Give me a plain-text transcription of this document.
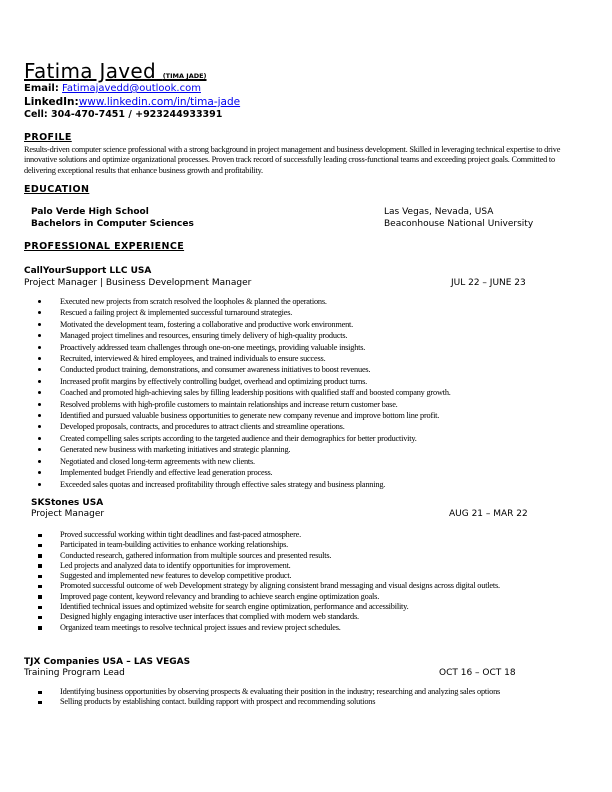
Fatima Javed (TIMA JADE)
Email: Fatimajavedd@outlook.com
LinkedIn:www.linkedin.com/in/tima-jade
Cell: 304-470-7451 / +923244933391
PROFILE
Results-driven computer science professional with a strong background in project management and business development. Skilled in leveraging technical expertise to drive innovative solutions and optimize organizational processes. Proven track record of successfully leading cross-functional teams and exceeding project goals. Committed to delivering exceptional results that enhance business growth and profitability.
EDUCATION
Palo Verde High School	Las Vegas, Nevada, USA
Bachelors in Computer Sciences	Beaconhouse National University
PROFESSIONAL EXPERIENCE
CallYourSupport LLC USA
Project Manager | Business Development Manager	JUL 22 – JUNE 23
Executed new projects from scratch resolved the loopholes & planned the operations.
Rescued a failing project & implemented successful turnaround strategies.
Motivated the development team, fostering a collaborative and productive work environment.
Managed project timelines and resources, ensuring timely delivery of high-quality products.
Proactively addressed team challenges through one-on-one meetings, providing valuable insights.
Recruited, interviewed & hired employees, and trained individuals to ensure success.
Conducted product training, demonstrations, and consumer awareness initiatives to boost revenues.
Increased profit margins by effectively controlling budget, overhead and optimizing product turns.
Coached and promoted high-achieving sales by filling leadership positions with qualified staff and boosted company growth.
Resolved problems with high-profile customers to maintain relationships and increase return customer base.
Identified and pursued valuable business opportunities to generate new company revenue and improve bottom line profit.
Developed proposals, contracts, and procedures to attract clients and streamline operations.
Created compelling sales scripts according to the targeted audience and their demographics for better productivity.
Generated new business with marketing initiatives and strategic planning.
Negotiated and closed long-term agreements with new clients.
Implemented budget Friendly and effective lead generation process.
Exceeded sales quotas and increased profitability through effective sales strategy and business planning.
SKStones USA
Project Manager	AUG 21 – MAR 22
Proved successful working within tight deadlines and fast-paced atmosphere.
Participated in team-building activities to enhance working relationships.
Conducted research, gathered information from multiple sources and presented results.
Led projects and analyzed data to identify opportunities for improvement.
Suggested and implemented new features to develop competitive product.
Promoted successful outcome of web Development strategy by aligning consistent brand messaging and visual designs across digital outlets.
Improved page content, keyword relevancy and branding to achieve search engine optimization goals.
Identified technical issues and optimized website for search engine optimization, performance and accessibility.
Designed highly engaging interactive user interfaces that complied with modern web standards.
Organized team meetings to resolve technical project issues and review project schedules.
TJX Companies USA – LAS VEGAS
Training Program Lead	OCT 16 – OCT 18
Identifying business opportunities by observing prospects & evaluating their position in the industry; researching and analyzing sales options
Selling products by establishing contact. building rapport with prospect and recommending solutions
